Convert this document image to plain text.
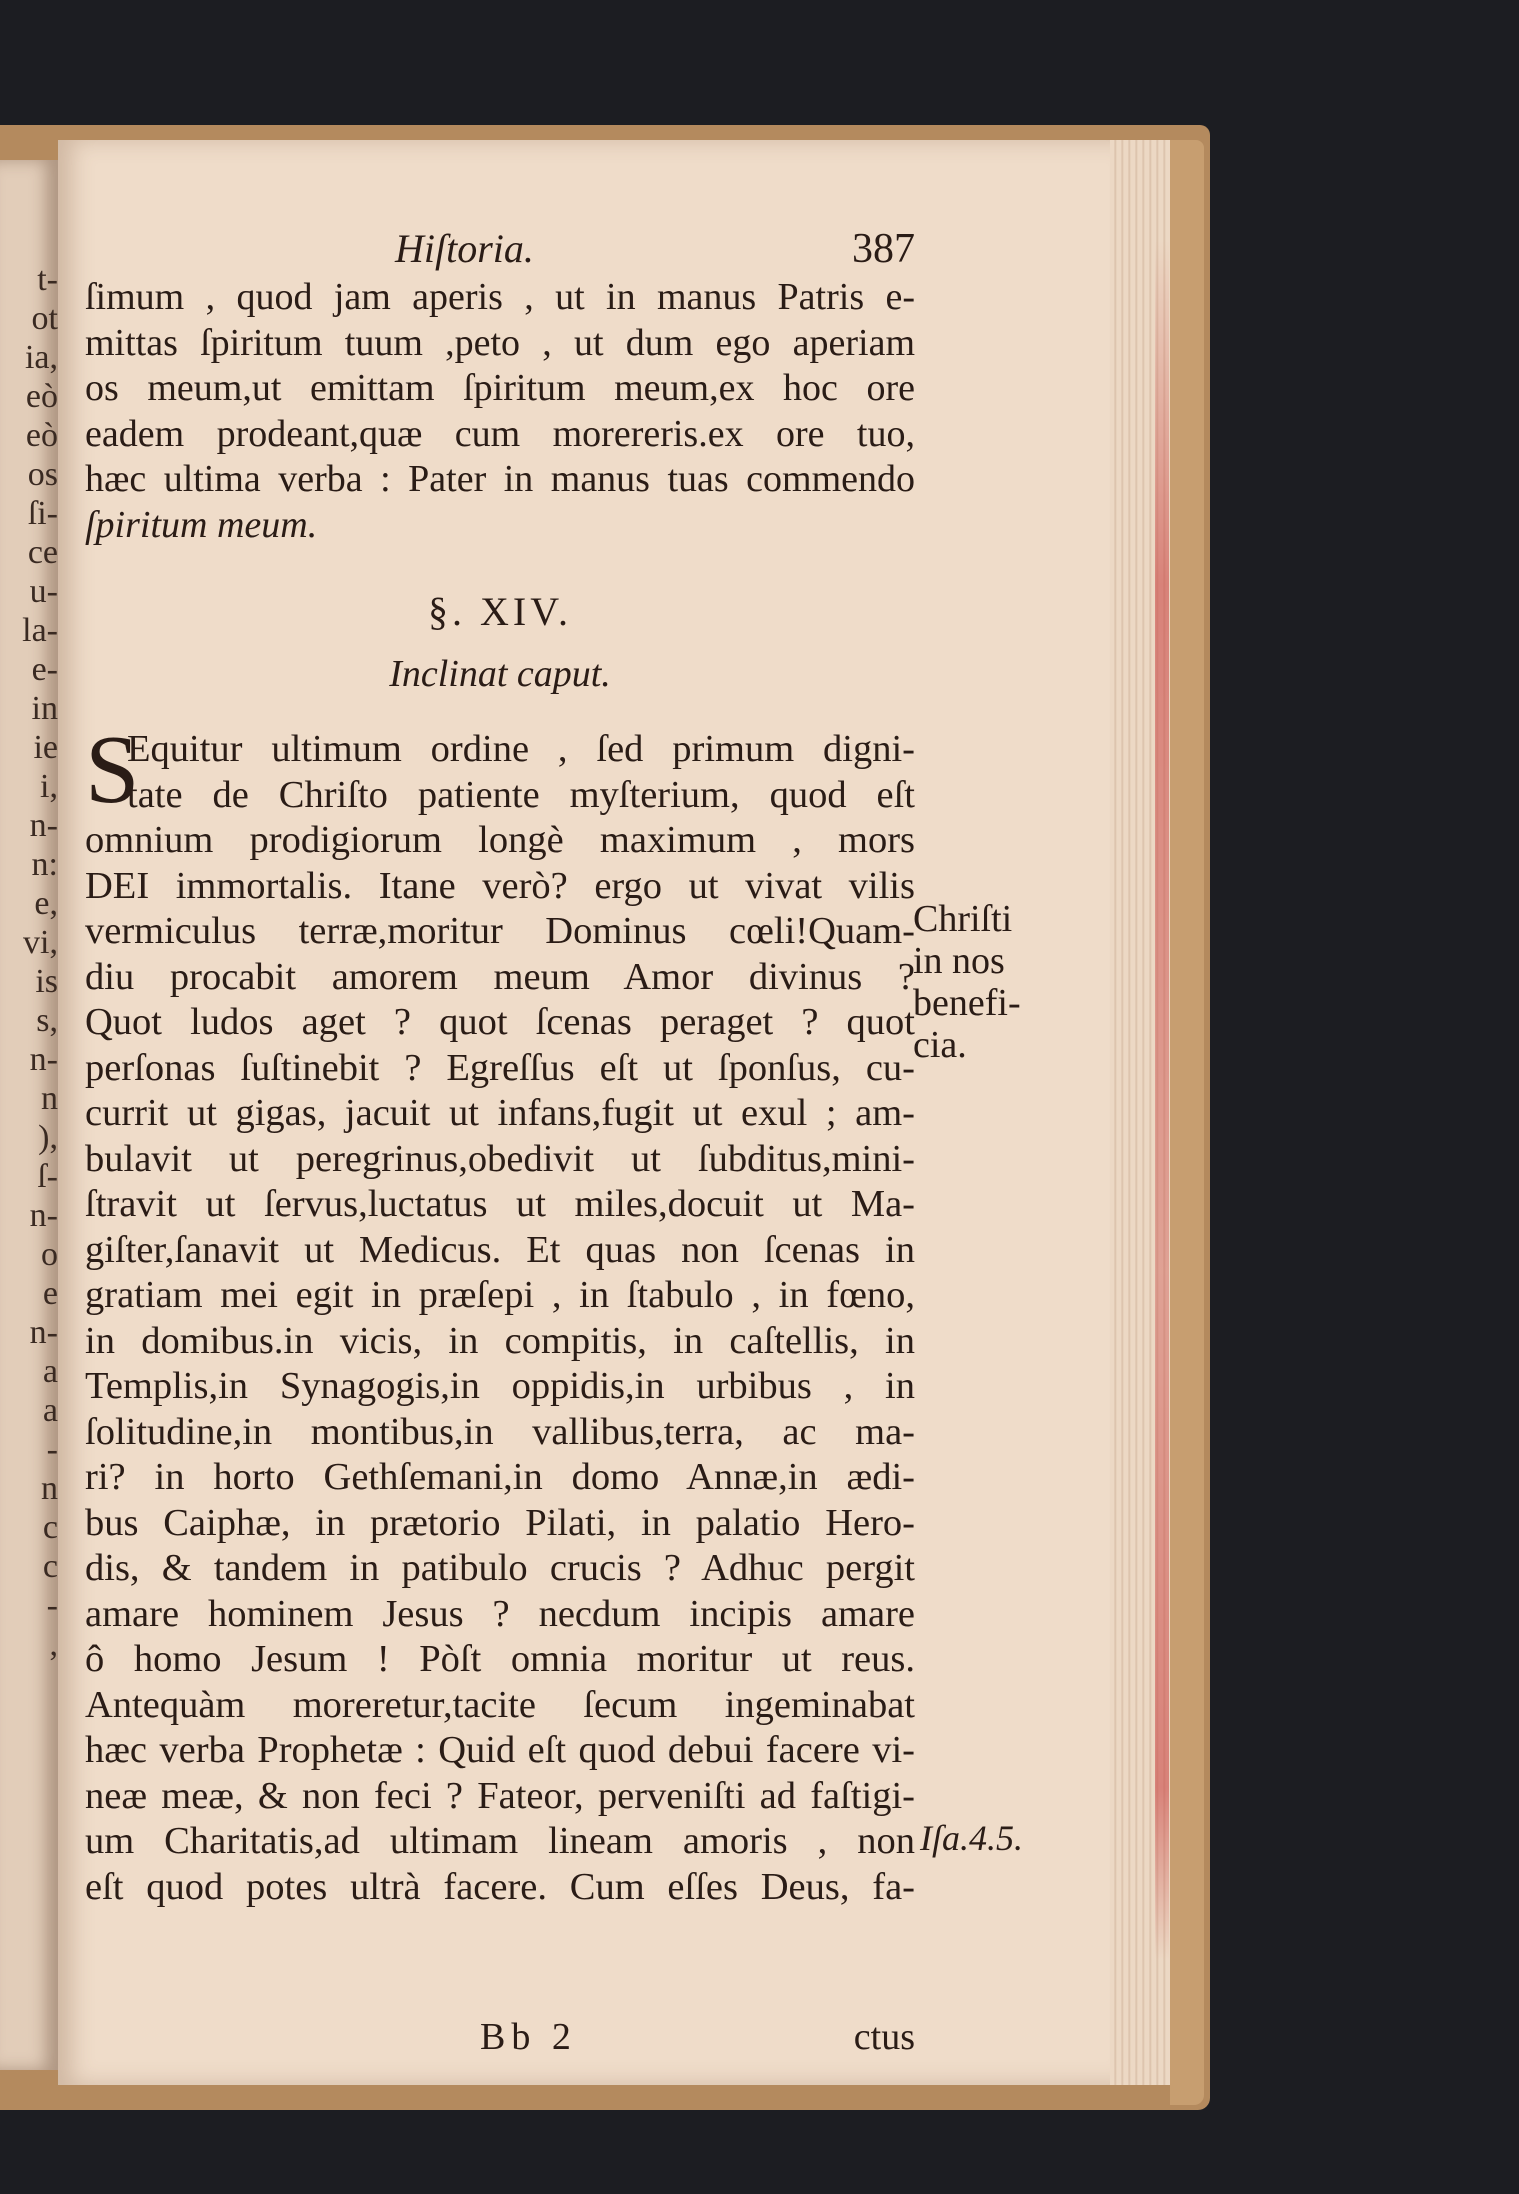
t-
ot
ia,
eò
eò
os
ſi-
ce
u-
la-
e-
in
ie
i,
n-
n:
e,
vi,
is
s,
n-
n
),
ſ-
n-
o
e
n-
a
a
-
n
c
c
-
,
Hiſtoria.	387
ſimum , quod jam aperis , ut in manus Patris e-
mittas ſpiritum tuum ,peto , ut dum ego aperiam
os meum,ut emittam ſpiritum meum,ex hoc ore
eadem prodeant,quæ cum morereris.ex ore tuo,
hæc ultima verba : Pater in manus tuas commendo
ſpiritum meum.
§. XIV.
Inclinat caput.
S
Equitur ultimum ordine , ſed primum digni-
tate de Chriſto patiente myſterium, quod eſt
omnium prodigiorum longè maximum , mors
DEI immortalis. Itane verò? ergo ut vivat vilis
vermiculus terræ,moritur Dominus cœli!Quam-
diu procabit amorem meum Amor divinus ?
Quot ludos aget ? quot ſcenas peraget ? quot
perſonas ſuſtinebit ? Egreſſus eſt ut ſponſus, cu-
currit ut gigas, jacuit ut infans,fugit ut exul ; am-
bulavit ut peregrinus,obedivit ut ſubditus,mini-
ſtravit ut ſervus,luctatus ut miles,docuit ut Ma-
giſter,ſanavit ut Medicus. Et quas non ſcenas in
gratiam mei egit in præſepi , in ſtabulo , in fœno,
in domibus.in vicis, in compitis, in caſtellis, in
Templis,in Synagogis,in oppidis,in urbibus , in
ſolitudine,in montibus,in vallibus,terra, ac ma-
ri? in horto Gethſemani,in domo Annæ,in ædi-
bus Caiphæ, in prætorio Pilati, in palatio Hero-
dis, & tandem in patibulo crucis ? Adhuc pergit
amare hominem Jesus ? necdum incipis amare
ô homo Jesum ! Pòſt omnia moritur ut reus.
Antequàm moreretur,tacite ſecum ingeminabat
hæc verba Prophetæ : Quid eſt quod debui facere vi-
neæ meæ, & non feci ? Fateor, perveniſti ad faſtigi-
um Charitatis,ad ultimam lineam amoris , non
eſt quod potes ultrà facere. Cum eſſes Deus, fa-
Chriſti
in nos
benefi-
cia.
Iſa.4.5.
Bb 2	ctus
